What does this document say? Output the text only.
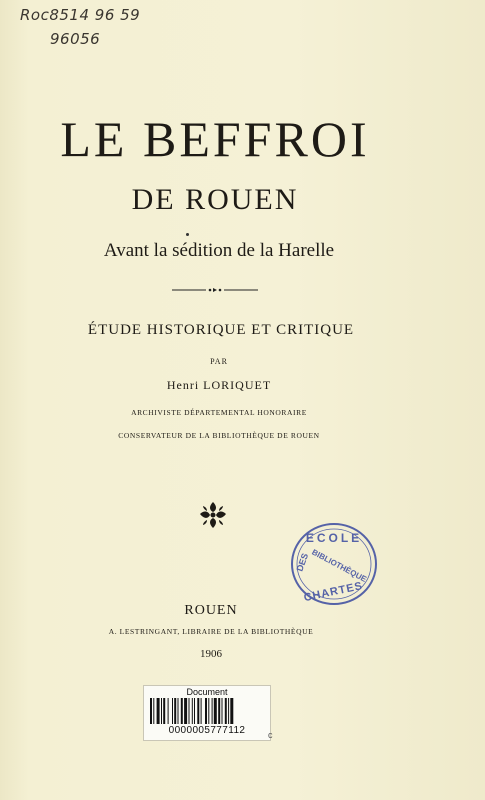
Rос8514 96 59
96056
LE BEFFROI
DE ROUEN
Avant la sédition de la Harelle
ÉTUDE HISTORIQUE ET CRITIQUE
PAR
Henri LORIQUET
ARCHIVISTE DÉPARTEMENTAL HONORAIRE
CONSERVATEUR DE LA BIBLIOTHÈQUE DE ROUEN
ECOLE
DES
CHARTES
BIBLIOTHÈQUE
ROUEN
A. LESTRINGANT, LIBRAIRE DE LA BIBLIOTHÈQUE
1906
Document
0000005777112	c
